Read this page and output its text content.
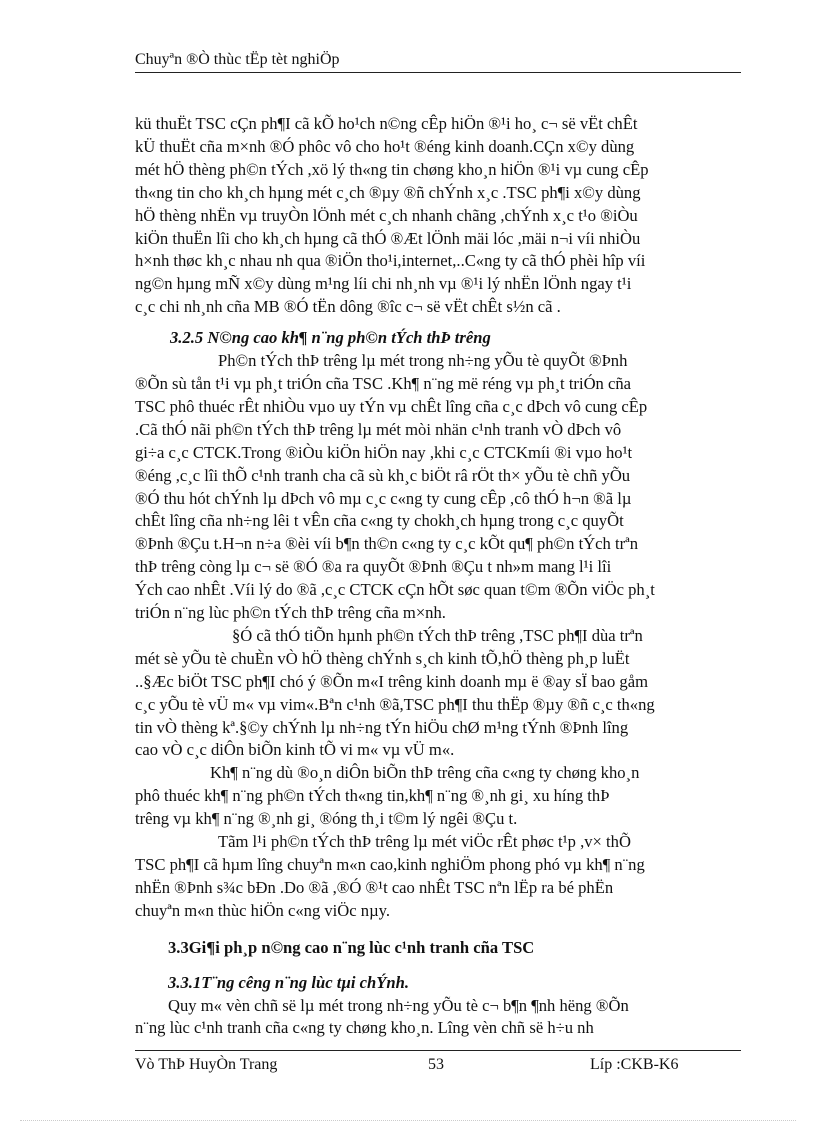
Chuyªn ®Ò thùc tËp tèt nghiÖp
kü thuËt TSC cÇn ph¶I cã kÕ ho¹ch n©ng cÊp hiÖn ®¹i ho¸ c¬ së vËt chÊt
kÜ thuËt cña m×nh ®Ó phôc vô cho ho¹t ®éng kinh doanh.CÇn x©y dùng
mét hÖ thèng ph©n tÝch ,xö lý th«ng tin chøng kho¸n hiÖn ®¹i vµ cung cÊp
th«ng tin cho kh¸ch hµng mét c¸ch ®µy ®ñ chÝnh x¸c .TSC ph¶i x©y dùng
hÖ thèng nhËn vµ truyÒn lÖnh mét c¸ch nhanh chãng ,chÝnh x¸c t¹o ®iÒu
kiÖn thuËn lîi cho kh¸ch hµng cã thÓ ®Æt lÖnh mäi lóc ,mäi n¬i víi nhiÒu
h×nh thøc kh¸c nhau nh qua ®iÖn tho¹i,internet,..C«ng ty cã thÓ phèi hîp víi
ng©n hµng mÑ x©y dùng m¹ng líi chi nh¸nh vµ ®¹i lý nhËn lÖnh ngay t¹i
c¸c chi nh¸nh cña MB ®Ó tËn dông ®îc c¬ së vËt chÊt s½n cã .
3.2.5 N©ng cao kh¶ n¨ng ph©n tÝch thÞ trêng
Ph©n tÝch thÞ trêng lµ mét trong nh÷ng yÕu tè quyÕt ®Þnh
®Õn sù tån t¹i vµ ph¸t triÓn cña TSC .Kh¶ n¨ng më réng vµ ph¸t triÓn cña
TSC phô thuéc rÊt nhiÒu vµo uy tÝn vµ chÊt lîng cña c¸c dÞch vô cung cÊp
.Cã thÓ nãi ph©n tÝch thÞ trêng lµ mét mòi nhän c¹nh tranh vÒ dÞch vô
gi÷a c¸c CTCK.Trong ®iÒu kiÖn hiÖn nay ,khi c¸c CTCKmíi ®i vµo ho¹t
®éng ,c¸c lîi thÕ c¹nh tranh cha cã sù kh¸c biÖt râ rÖt th× yÕu tè chñ yÕu
®Ó thu hót chÝnh lµ dÞch vô mµ c¸c c«ng ty cung cÊp ,cô thÓ h¬n ®ã lµ
chÊt lîng cña nh÷ng lêi t vÊn cña c«ng ty chokh¸ch hµng trong c¸c quyÕt
®Þnh ®Çu t.H¬n n÷a ®èi víi b¶n th©n c«ng ty c¸c kÕt qu¶ ph©n tÝch trªn
thÞ trêng còng lµ c¬ së ®Ó ®a ra quyÕt ®Þnh ®Çu t nh»m mang l¹i lîi
Ých cao nhÊt .Víi lý do ®ã ,c¸c CTCK cÇn hÕt søc quan t©m ®Õn viÖc ph¸t
triÓn n¨ng lùc ph©n tÝch thÞ trêng cña m×nh.
§Ó cã thÓ tiÕn hµnh ph©n tÝch thÞ trêng ,TSC ph¶I dùa trªn
mét sè yÕu tè chuÈn vÒ hÖ thèng chÝnh s¸ch kinh tÕ,hÖ thèng ph¸p luËt
..§Æc biÖt TSC ph¶I chó ý ®Õn m«I trêng kinh doanh mµ ë ®ay sÏ bao gåm
c¸c yÕu tè vÜ m« vµ vim«.Bªn c¹nh ®ã,TSC ph¶I thu thËp ®µy ®ñ c¸c th«ng
tin vÒ thèng kª.§©y chÝnh lµ nh÷ng tÝn hiÖu chØ m¹ng tÝnh ®Þnh lîng
cao vÒ c¸c diÔn biÕn kinh tÕ vi m« vµ vÜ m«.
Kh¶ n¨ng dù ®o¸n diÔn biÕn thÞ trêng cña c«ng ty chøng kho¸n
phô thuéc kh¶ n¨ng ph©n tÝch th«ng tin,kh¶ n¨ng ®¸nh gi¸ xu híng thÞ
trêng vµ kh¶ n¨ng ®¸nh gi¸ ®óng th¸i t©m lý ngêi ®Çu t.
Tãm l¹i ph©n tÝch thÞ trêng lµ mét viÖc rÊt phøc t¹p ,v× thÕ
TSC ph¶I cã hµm lîng chuyªn m«n cao,kinh nghiÖm phong phó vµ kh¶ n¨ng
nhËn ®Þnh s¾c bÐn .Do ®ã ,®Ó ®¹t cao nhÊt TSC nªn lËp ra bé phËn
chuyªn m«n thùc hiÖn c«ng viÖc nµy.
3.3Gi¶i ph¸p n©ng cao n¨ng lùc c¹nh tranh cña TSC
3.3.1T¨ng cêng n¨ng lùc tµi chÝnh.
Quy m« vèn chñ së lµ mét trong nh÷ng yÕu tè c¬ b¶n ¶nh hëng ®Õn
n¨ng lùc c¹nh tranh cña c«ng ty chøng kho¸n. Lîng vèn chñ së h÷u nh
Vò ThÞ HuyÒn Trang	53	Líp :CKB-K6
